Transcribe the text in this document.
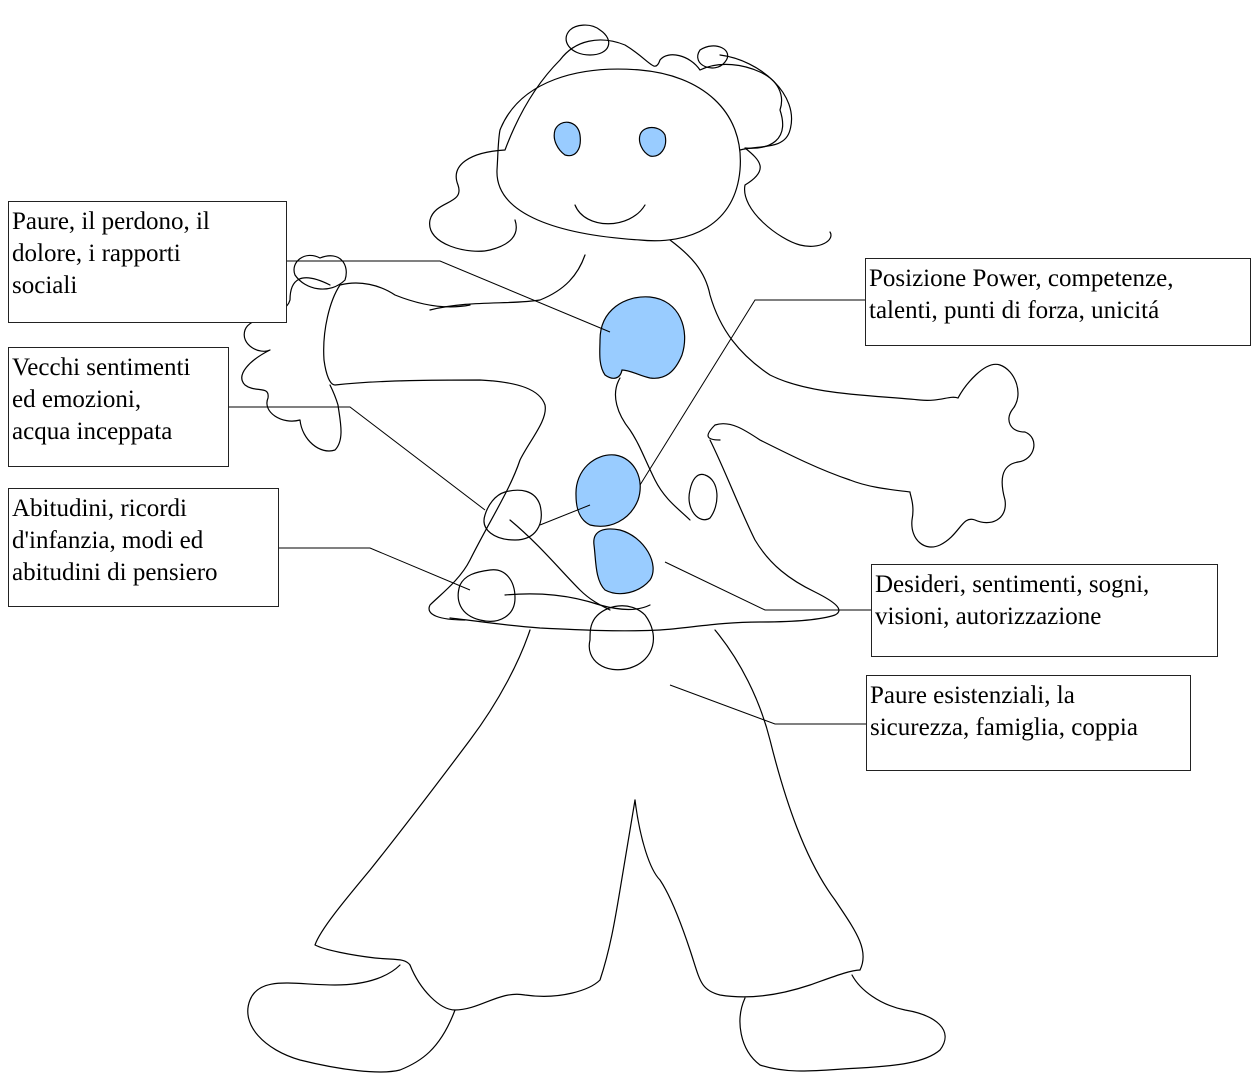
Paure, il perdono, il
dolore, i rapporti
sociali
Vecchi sentimenti
ed emozioni,
acqua inceppata
Abitudini, ricordi
d'infanzia, modi ed
abitudini di pensiero
Posizione Power, competenze,
talenti, punti di forza, unicitá
Desideri, sentimenti, sogni,
visioni, autorizzazione
Paure esistenziali, la
sicurezza, famiglia, coppia
